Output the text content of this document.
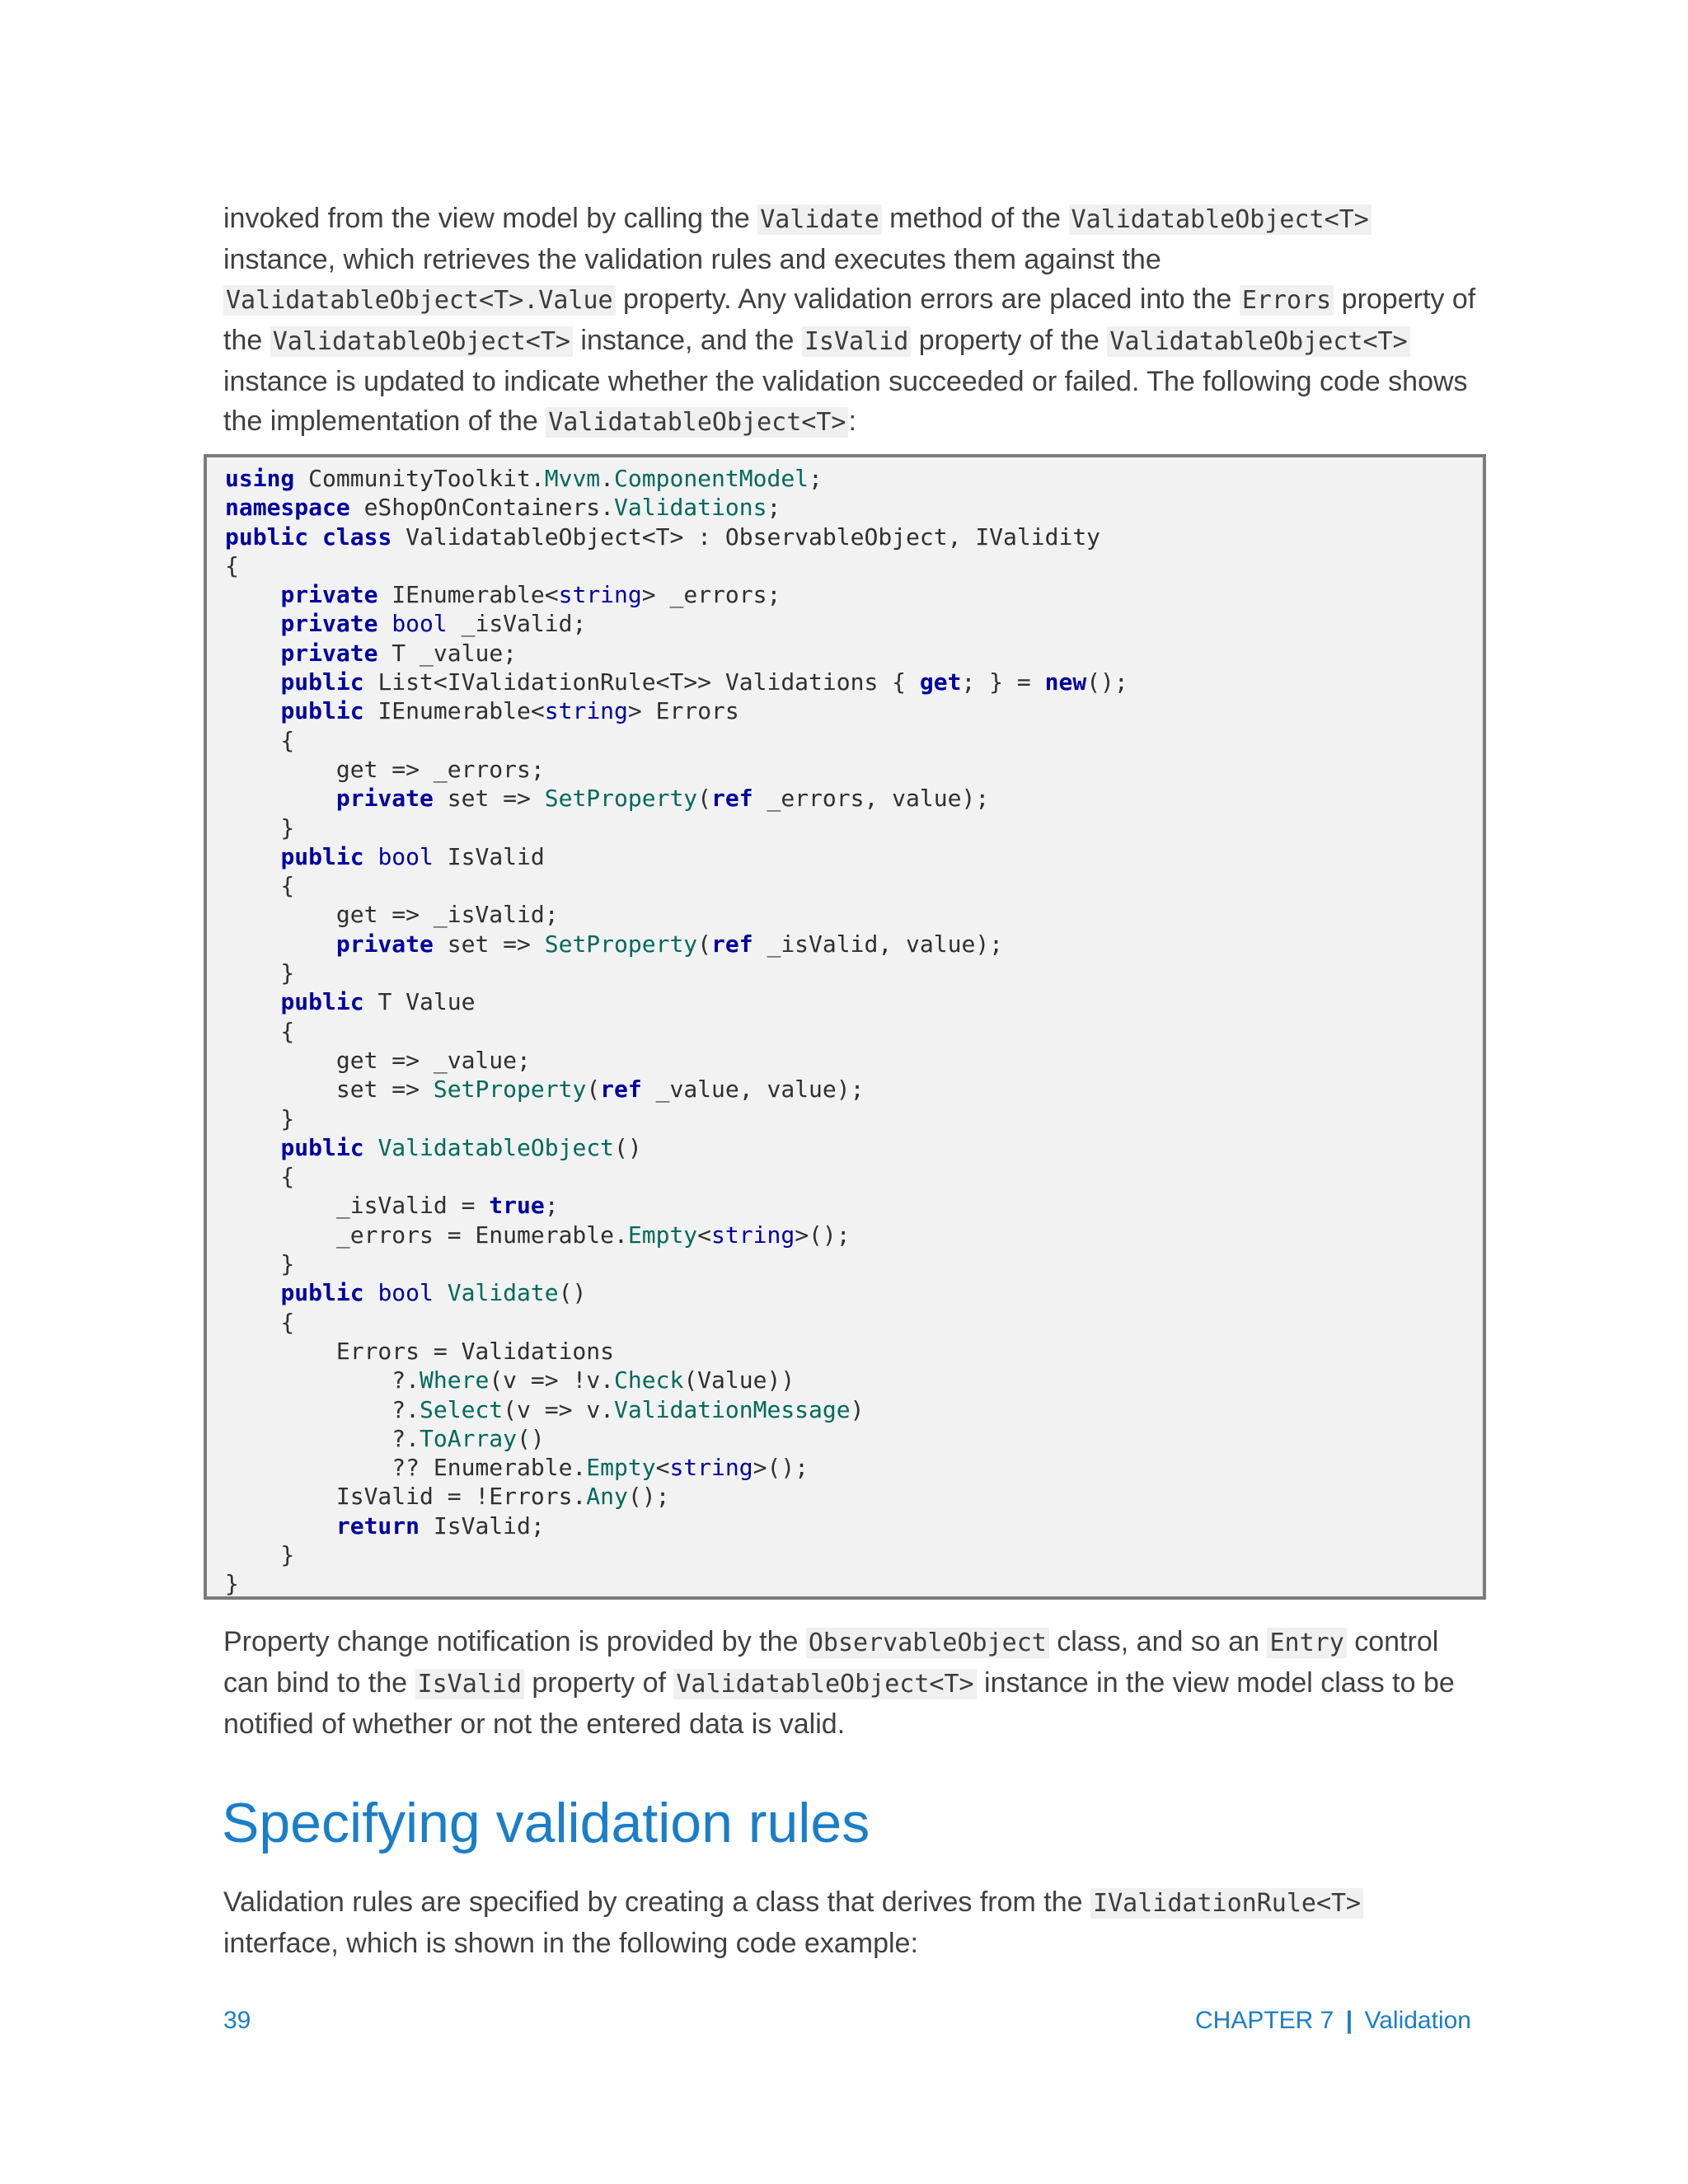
invoked from the view model by calling the Validate method of the ValidatableObject<T> instance, which retrieves the validation rules and executes them against the ValidatableObject<T>.Value property. Any validation errors are placed into the Errors property of the ValidatableObject<T> instance, and the IsValid property of the ValidatableObject<T> instance is updated to indicate whether the validation succeeded or failed. The following code shows the implementation of the ValidatableObject<T>:

using CommunityToolkit.Mvvm.ComponentModel;
namespace eShopOnContainers.Validations;
public class ValidatableObject<T> : ObservableObject, IValidity
{
private IEnumerable<string> _errors;
private bool _isValid;
private T _value;
public List<IValidationRule<T>> Validations { get; } = new();
public IEnumerable<string> Errors
{
get => _errors;
private set => SetProperty(ref _errors, value);
}
public bool IsValid
{
get => _isValid;
private set => SetProperty(ref _isValid, value);
}
public T Value
{
get => _value;
set => SetProperty(ref _value, value);
}
public ValidatableObject()
{
_isValid = true;
_errors = Enumerable.Empty<string>();
}
public bool Validate()
{
Errors = Validations
?.Where(v => !v.Check(Value))
?.Select(v => v.ValidationMessage)
?.ToArray()
?? Enumerable.Empty<string>();
IsValid = !Errors.Any();
return IsValid;
}
}

Property change notification is provided by the ObservableObject class, and so an Entry control can bind to the IsValid property of ValidatableObject<T> instance in the view model class to be notified of whether or not the entered data is valid.

Specifying validation rules

Validation rules are specified by creating a class that derives from the IValidationRule<T> interface, which is shown in the following code example:

39	CHAPTER 7 | Validation
